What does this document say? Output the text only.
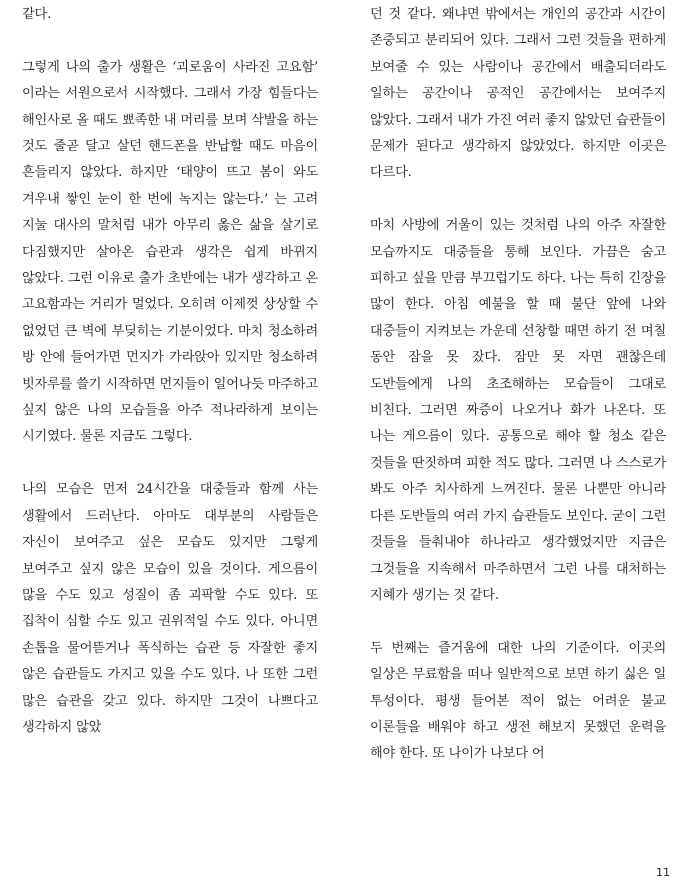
같다.

그렇게 나의 출가 생활은 ‘괴로움이 사라진 고요함’ 이라는 서원으로서 시작했다. 그래서 가장 힘들다는 해인사로 올 때도 뾰족한 내 머리를 보며 삭발을 하는 것도 줄곧 달고 살던 핸드폰을 반납할 때도 마음이 흔들리지 않았다. 하지만 ‘태양이 뜨고 봄이 와도 겨우내 쌓인 눈이 한 번에 녹지는 않는다.’ 는 고려 지눌 대사의 말처럼 내가 아무리 옳은 삶을 살기로 다짐했지만 살아온 습관과 생각은 쉽게 바뀌지 않았다. 그런 이유로 출가 초반에는 내가 생각하고 온 고요함과는 거리가 멀었다. 오히려 이제껏 상상할 수 없었던 큰 벽에 부딪히는 기분이었다. 마치 청소하려 방 안에 들어가면 먼지가 가라앉아 있지만 청소하려 빗자루를 쓸기 시작하면 먼지들이 일어나듯 마주하고 싶지 않은 나의 모습들을 아주 적나라하게 보이는 시기였다. 물론 지금도 그렇다.

나의 모습은 먼저 24시간을 대중들과 함께 사는 생활에서 드러난다. 아마도 대부분의 사람들은 자신이 보여주고 싶은 모습도 있지만 그렇게 보여주고 싶지 않은 모습이 있을 것이다. 게으름이 많을 수도 있고 성질이 좀 괴팍할 수도 있다. 또 집착이 심할 수도 있고 권위적일 수도 있다. 아니면 손톱을 물어뜯거나 폭식하는 습관 등 자잘한 좋지 않은 습관들도 가지고 있을 수도 있다. 나 또한 그런 많은 습관을 갖고 있다. 하지만 그것이 나쁘다고 생각하지 않았

던 것 같다. 왜냐면 밖에서는 개인의 공간과 시간이 존중되고 분리되어 있다. 그래서 그런 것들을 편하게 보여줄 수 있는 사람이나 공간에서 배출되더라도 일하는 공간이나 공적인 공간에서는 보여주지 않았다. 그래서 내가 가진 여러 좋지 않았던 습관들이 문제가 된다고 생각하지 않았었다. 하지만 이곳은 다르다.

마치 사방에 거울이 있는 것처럼 나의 아주 자잘한 모습까지도 대중들을 통해 보인다. 가끔은 숨고 피하고 싶을 만큼 부끄럽기도 하다. 나는 특히 긴장을 많이 한다. 아침 예불을 할 때 불단 앞에 나와 대중들이 지켜보는 가운데 선창할 때면 하기 전 며칠 동안 잠을 못 잤다. 잠만 못 자면 괜찮은데 도반들에게 나의 초조해하는 모습들이 그대로 비친다. 그러면 짜증이 나오거나 화가 나온다. 또 나는 게으름이 있다. 공통으로 해야 할 청소 같은 것들을 딴짓하며 피한 적도 많다. 그러면 나 스스로가 봐도 아주 치사하게 느껴진다. 물론 나뿐만 아니라 다른 도반들의 여러 가지 습관들도 보인다. 굳이 그런 것들을 들춰내야 하나라고 생각했었지만 지금은 그것들을 지속해서 마주하면서 그런 나를 대처하는 지혜가 생기는 것 같다.

두 번째는 즐거움에 대한 나의 기준이다. 이곳의 일상은 무료함을 떠나 일반적으로 보면 하기 싫은 일 투성이다. 평생 들어본 적이 없는 어려운 불교 이론들을 배워야 하고 생전 해보지 못했던 운력을 해야 한다. 또 나이가 나보다 어

11
